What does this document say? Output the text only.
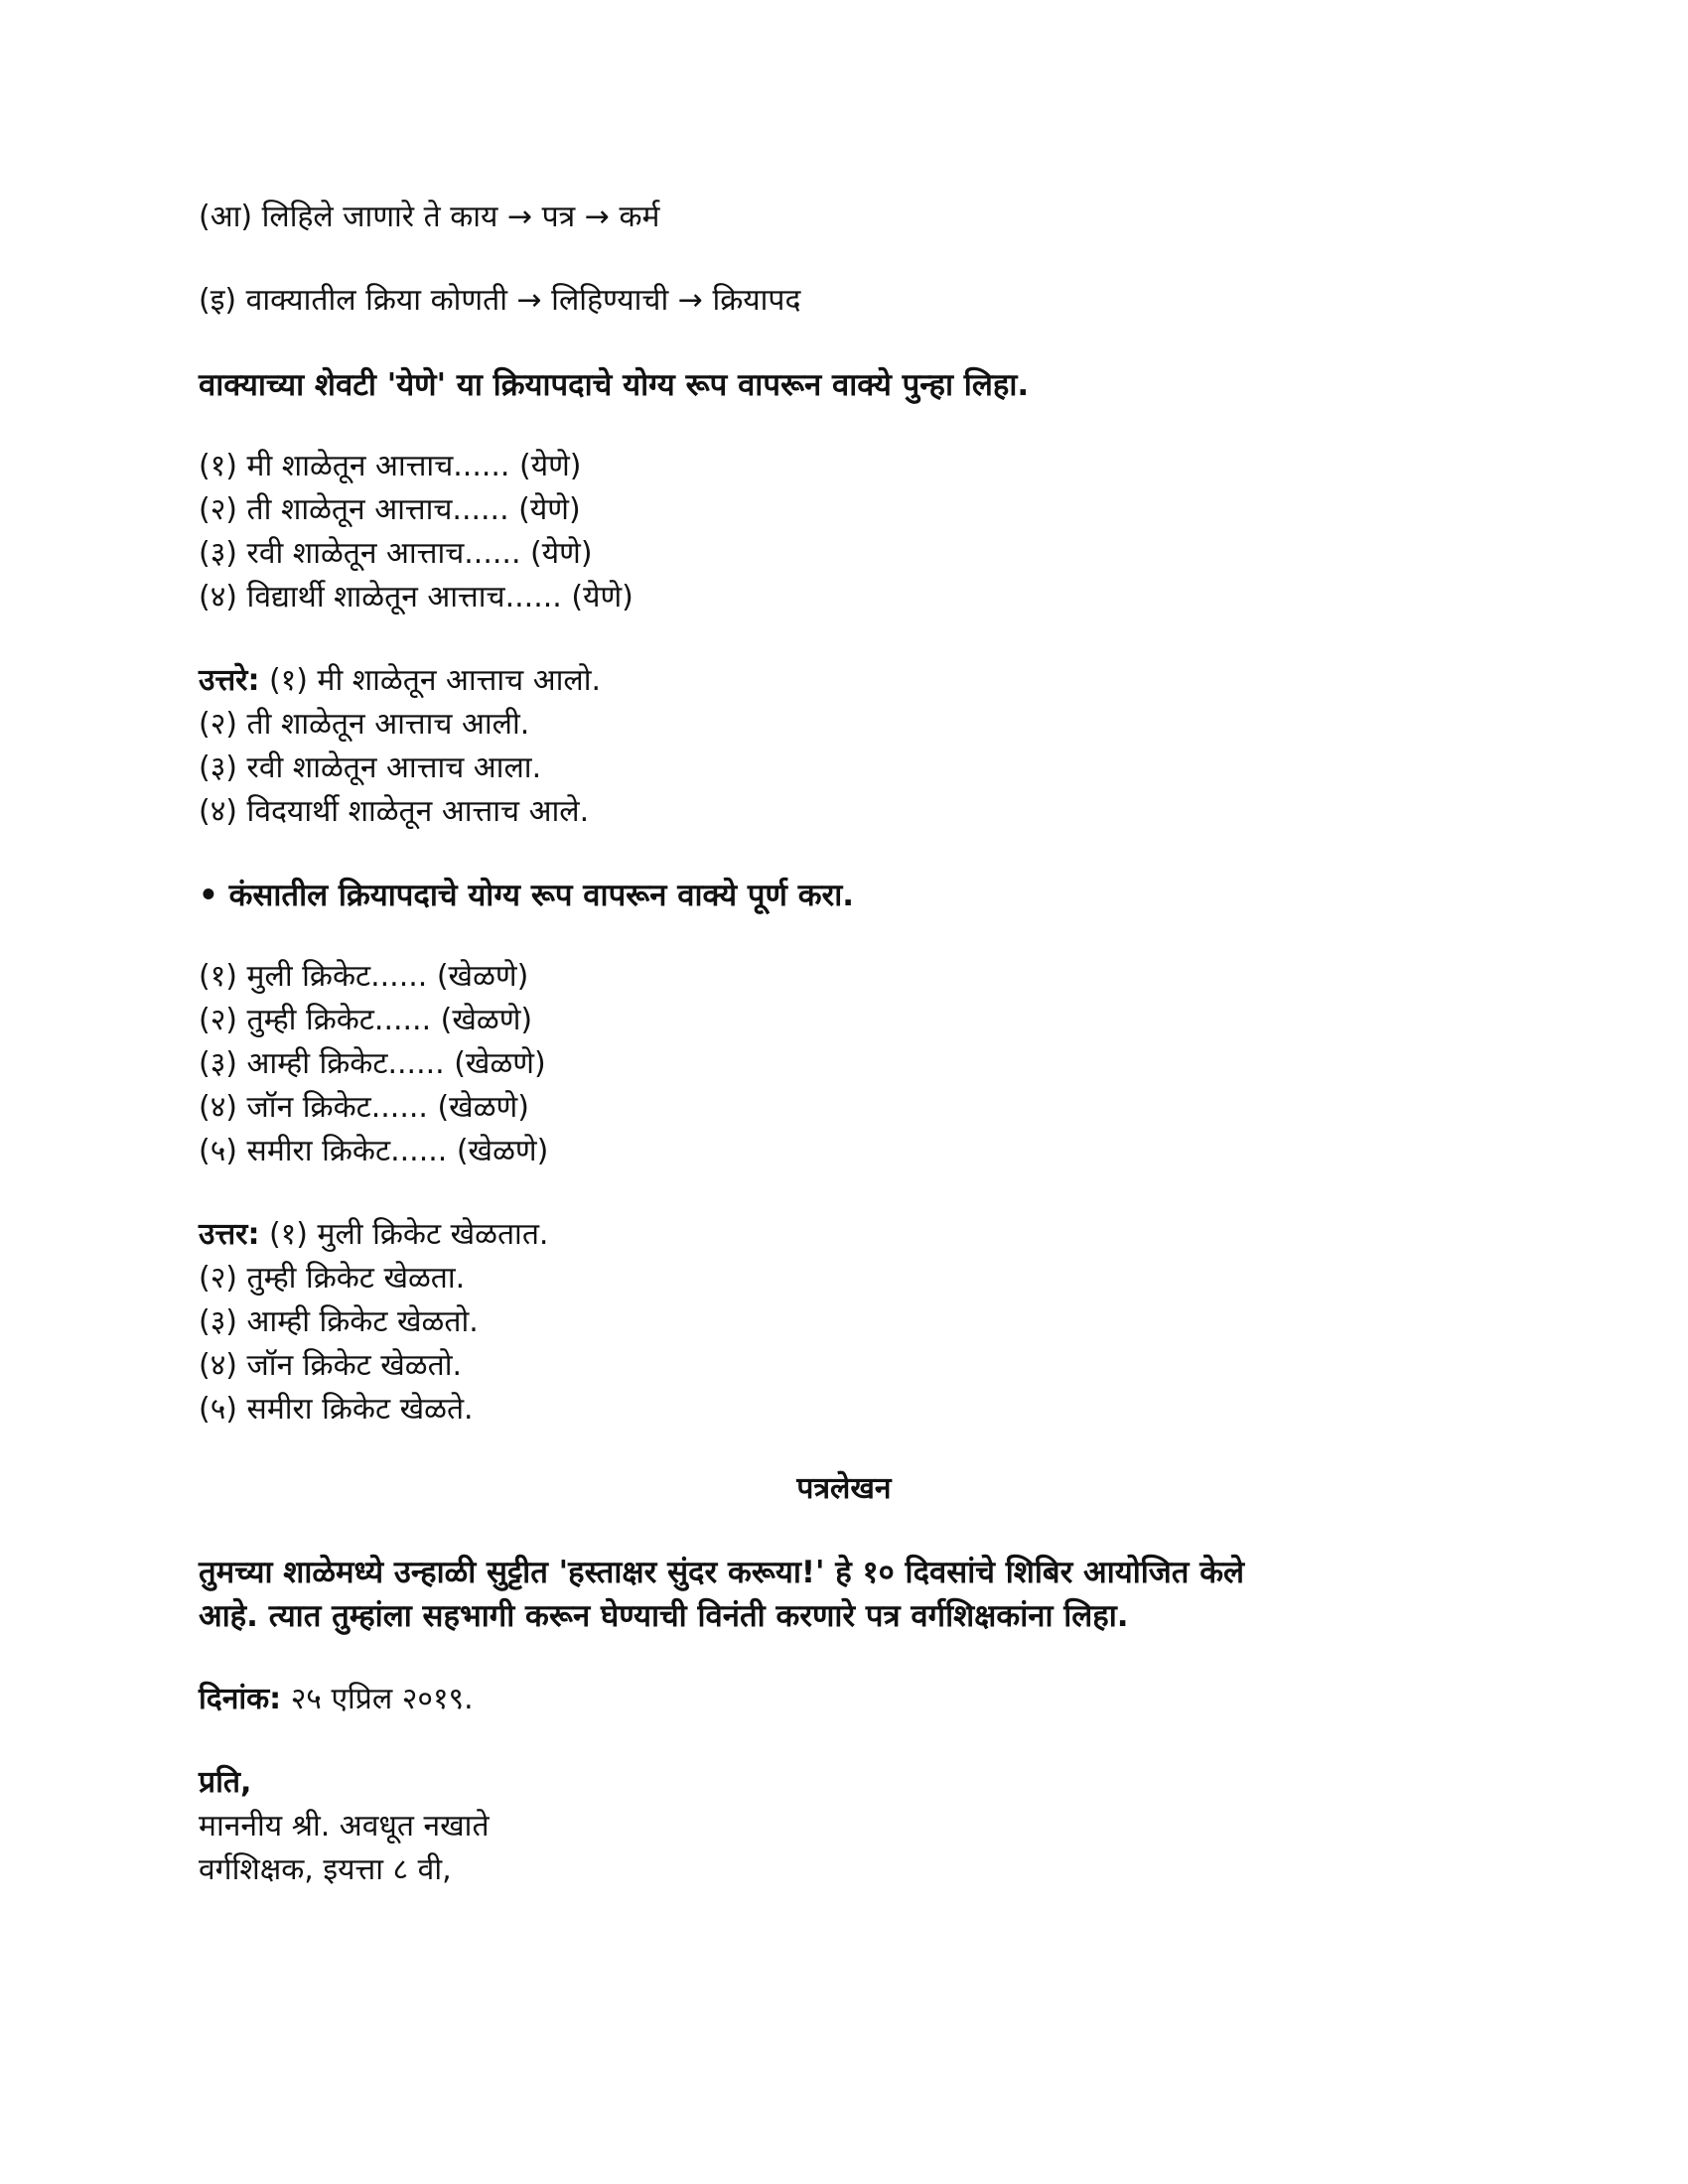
(आ) लिहिले जाणारे ते काय → पत्र → कर्म
(इ) वाक्यातील क्रिया कोणती → लिहिण्याची → क्रियापद
वाक्याच्या शेवटी 'येणे' या क्रियापदाचे योग्य रूप वापरून वाक्ये पुन्हा लिहा.
(१) मी शाळेतून आत्ताच...... (येणे)
(२) ती शाळेतून आत्ताच...... (येणे)
(३) रवी शाळेतून आत्ताच...... (येणे)
(४) विद्यार्थी शाळेतून आत्ताच...... (येणे)
उत्तरे: (१) मी शाळेतून आत्ताच आलो.
(२) ती शाळेतून आत्ताच आली.
(३) रवी शाळेतून आत्ताच आला.
(४) विदयार्थी शाळेतून आत्ताच आले.
• कंसातील क्रियापदाचे योग्य रूप वापरून वाक्ये पूर्ण करा.
(१) मुली क्रिकेट...... (खेळणे)
(२) तुम्ही क्रिकेट...... (खेळणे)
(३) आम्ही क्रिकेट...... (खेळणे)
(४) जॉन क्रिकेट...... (खेळणे)
(५) समीरा क्रिकेट...... (खेळणे)
उत्तर: (१) मुली क्रिकेट खेळतात.
(२) तुम्ही क्रिकेट खेळता.
(३) आम्ही क्रिकेट खेळतो.
(४) जॉन क्रिकेट खेळतो.
(५) समीरा क्रिकेट खेळते.
पत्रलेखन
तुमच्या शाळेमध्ये उन्हाळी सुट्टीत 'हस्ताक्षर सुंदर करूया!' हे १० दिवसांचे शिबिर आयोजित केले
आहे. त्यात तुम्हांला सहभागी करून घेण्याची विनंती करणारे पत्र वर्गशिक्षकांना लिहा.
दिनांक: २५ एप्रिल २०१९.
प्रति,
माननीय श्री. अवधूत नखाते
वर्गशिक्षक, इयत्ता ८ वी,
